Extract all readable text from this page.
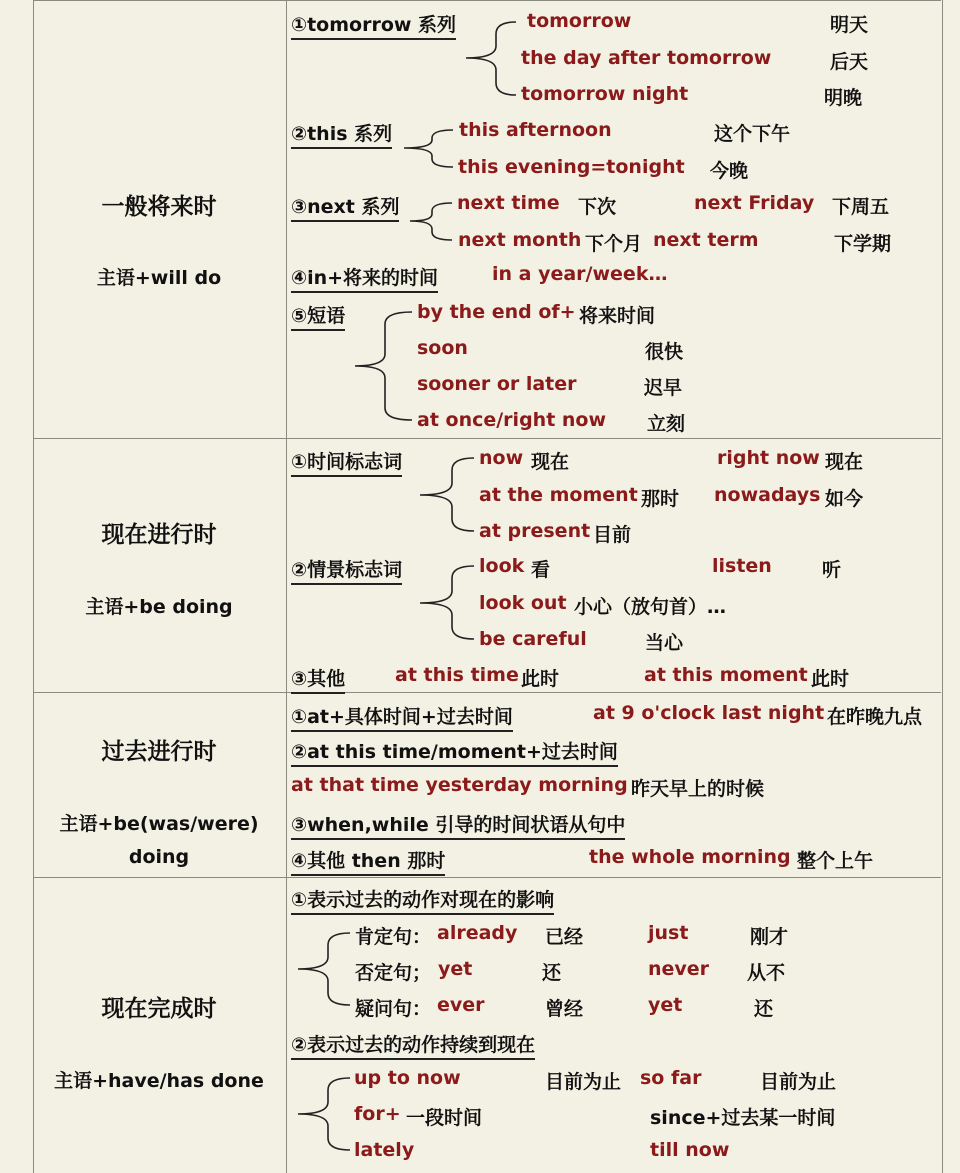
一般将来时
主语+will do
①tomorrow 系列	tomorrow	明天
the day after tomorrow	后天
tomorrow night	明晚
②this 系列	this afternoon	这个下午
this evening=tonight 今晚
③next 系列	next time 下次	next Friday 下周五
next month 下个月 next term	下学期
④in+将来的时间	in a year/week…
⑤短语	by the end of+ 将来时间
soon	很快
sooner or later	迟早
at once/right now 立刻
现在进行时
主语+be doing
①时间标志词	now 现在	right now 现在
at the moment 那时 nowadays 如今
at present 目前
②情景标志词	look 看	listen	听
look out 小心（放句首）…
be careful	当心
③其他	at this time 此时	at this moment 此时
过去进行时
主语+be(was/were)
doing
①at+具体时间+过去时间	at 9 o'clock last night 在昨晚九点
②at this time/moment+过去时间
at that time yesterday morning 昨天早上的时候
③when,while 引导的时间状语从句中
④其他 then 那时	the whole morning 整个上午
现在完成时
主语+have/has done
①表示过去的动作对现在的影响
肯定句： already 已经	just	刚才
否定句； yet	还	never 从不
疑问句： ever	曾经	yet	还
②表示过去的动作持续到现在
up to now	目前为止 so far	目前为止
for+ 一段时间	since+过去某一时间
lately	till now
